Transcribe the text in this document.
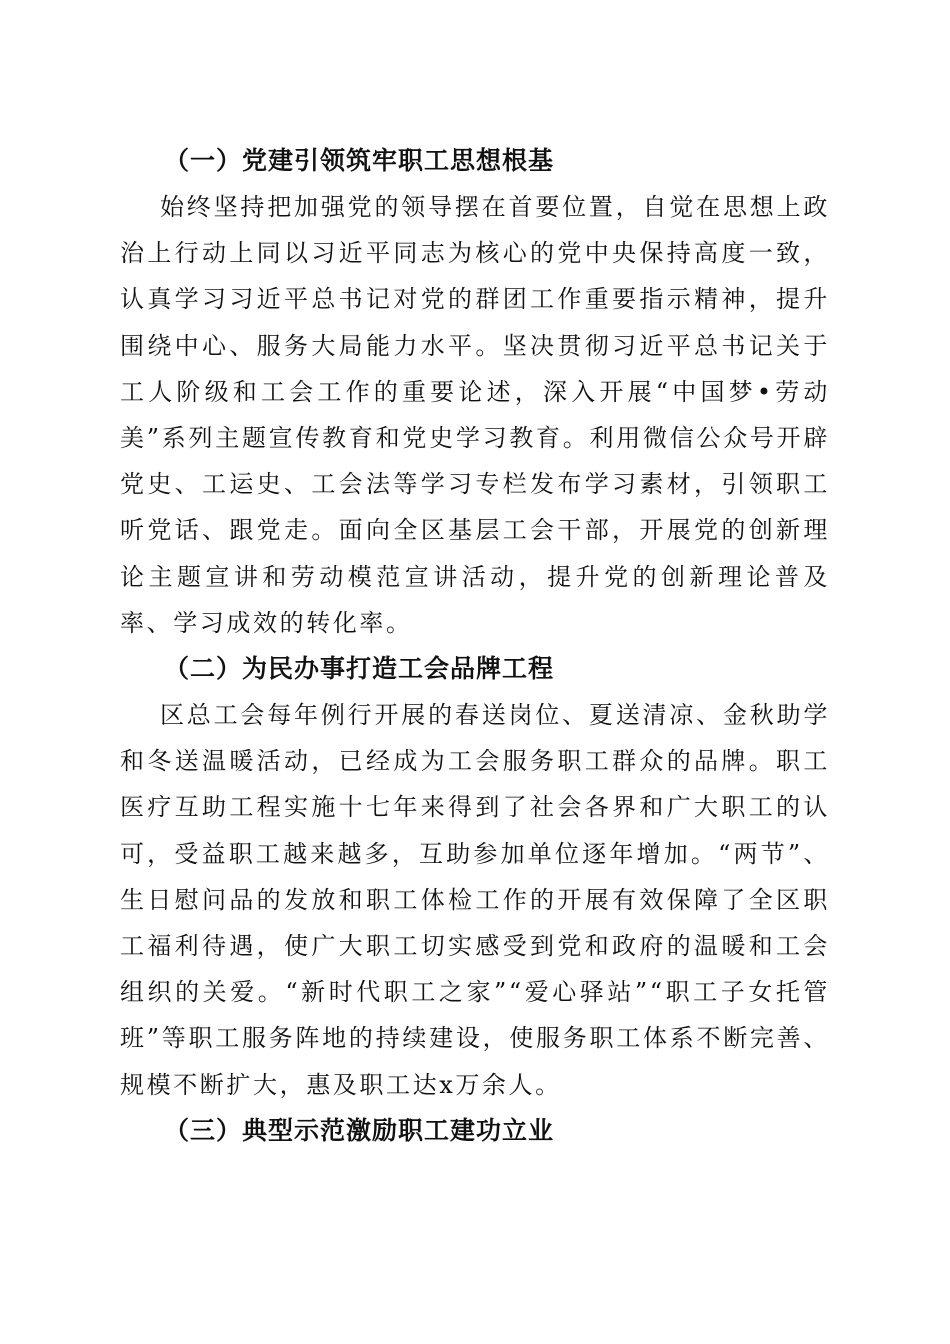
（一）党建引领筑牢职工思想根基

始终坚持把加强党的领导摆在首要位置，自觉在思想上政治上行动上同以习近平同志为核心的党中央保持高度一致，认真学习习近平总书记对党的群团工作重要指示精神，提升围绕中心、服务大局能力水平。坚决贯彻习近平总书记关于工人阶级和工会工作的重要论述，深入开展“中国梦•劳动美”系列主题宣传教育和党史学习教育。利用微信公众号开辟党史、工运史、工会法等学习专栏发布学习素材，引领职工听党话、跟党走。面向全区基层工会干部，开展党的创新理论主题宣讲和劳动模范宣讲活动，提升党的创新理论普及率、学习成效的转化率。

（二）为民办事打造工会品牌工程

区总工会每年例行开展的春送岗位、夏送清凉、金秋助学和冬送温暖活动，已经成为工会服务职工群众的品牌。职工医疗互助工程实施十七年来得到了社会各界和广大职工的认可，受益职工越来越多，互助参加单位逐年增加。“两节”、生日慰问品的发放和职工体检工作的开展有效保障了全区职工福利待遇，使广大职工切实感受到党和政府的温暖和工会组织的关爱。“新时代职工之家”“爱心驿站”“职工子女托管班”等职工服务阵地的持续建设，使服务职工体系不断完善、规模不断扩大，惠及职工达x万余人。

（三）典型示范激励职工建功立业
